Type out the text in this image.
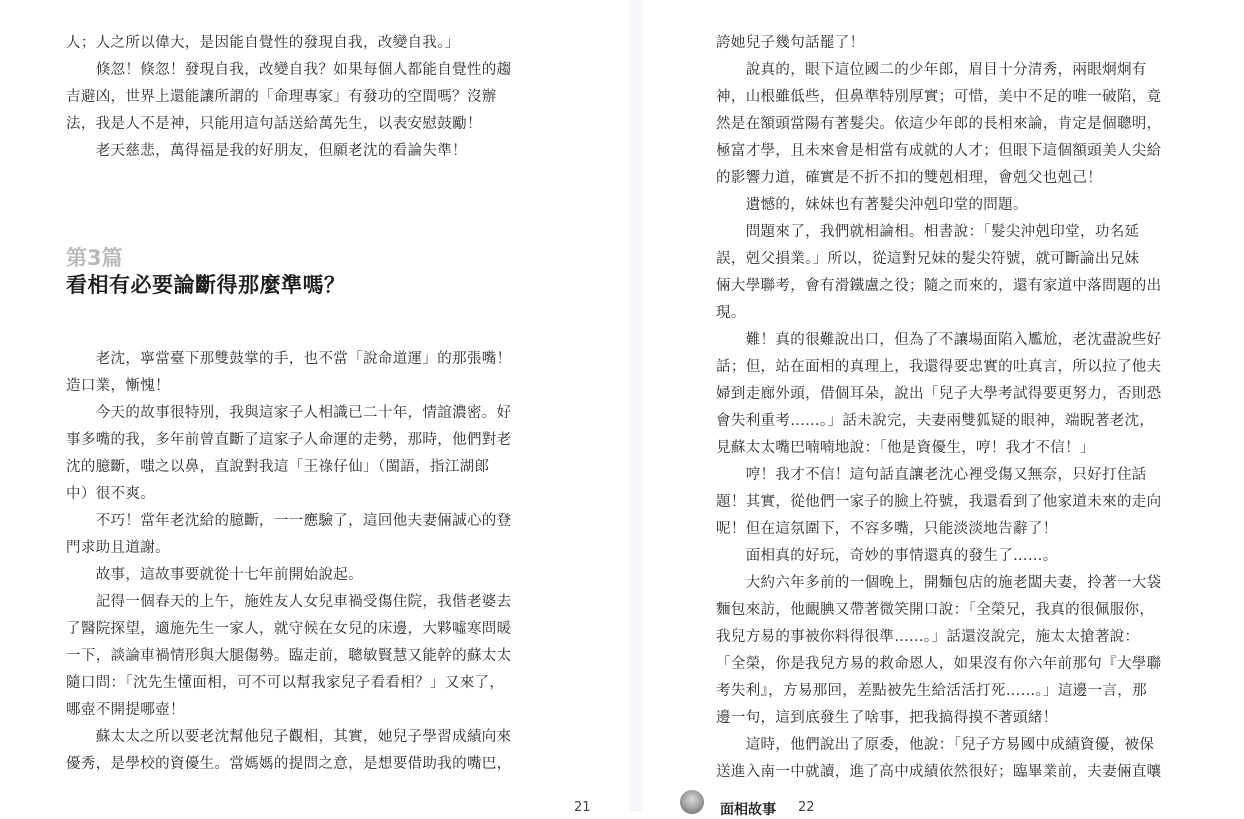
人；人之所以偉大，是因能自覺性的發現自我，改變自我。」
　　倏忽！倏忽！發現自我，改變自我？如果每個人都能自覺性的趨
吉避凶，世界上還能讓所謂的「命理專家」有發功的空間嗎？沒辦
法，我是人不是神，只能用這句話送給萬先生，以表安慰鼓勵！
　　老天慈悲，萬得福是我的好朋友，但願老沈的看論失準！
第3篇
看相有必要論斷得那麼準嗎？
　　老沈，寧當臺下那雙鼓掌的手，也不當「說命道運」的那張嘴！
造口業，慚愧！
　　今天的故事很特別，我與這家子人相識已二十年，情誼濃密。好
事多嘴的我，多年前曾直斷了這家子人命運的走勢，那時，他們對老
沈的臆斷，嗤之以鼻，直說對我這「王祿仔仙」（閩語，指江湖郎
中）很不爽。
　　不巧！當年老沈給的臆斷，一一應驗了，這回他夫妻倆誠心的登
門求助且道謝。
　　故事，這故事要就從十七年前開始說起。
　　記得一個春天的上午，施姓友人女兒車禍受傷住院，我偕老婆去
了醫院探望，適施先生一家人，就守候在女兒的床邊，大夥噓寒問暖
一下，談論車禍情形與大腿傷勢。臨走前，聰敏賢慧又能幹的蘇太太
隨口問：「沈先生懂面相，可不可以幫我家兒子看看相？」又來了，
哪壺不開提哪壺！
　　蘇太太之所以要老沈幫他兒子觀相，其實，她兒子學習成績向來
優秀，是學校的資優生。當媽媽的提問之意，是想要借助我的嘴巴，
21
誇她兒子幾句話罷了！
　　說真的，眼下這位國二的少年郎，眉目十分清秀，兩眼炯炯有
神，山根雖低些，但鼻準特別厚實；可惜，美中不足的唯一破陷，竟
然是在額頭當陽有著髮尖。依這少年郎的長相來論，肯定是個聰明，
極富才學，且未來會是相當有成就的人才；但眼下這個額頭美人尖給
的影響力道，確實是不折不扣的雙剋相理，會剋父也剋己！
　　遺憾的，妹妹也有著髮尖沖剋印堂的問題。
　　問題來了，我們就相論相。相書說：「髮尖沖剋印堂，功名延
誤，剋父損業。」所以，從這對兄妹的髮尖符號，就可斷論出兄妹
倆大學聯考，會有滑鐵盧之役；隨之而來的，還有家道中落問題的出
現。
　　難！真的很難說出口，但為了不讓場面陷入尷尬，老沈盡說些好
話；但，站在面相的真理上，我還得要忠實的吐真言，所以拉了他夫
婦到走廊外頭，借個耳朵，說出「兒子大學考試得要更努力，否則恐
會失利重考……。」話未說完，夫妻兩雙狐疑的眼神，端睨著老沈，
見蘇太太嘴巴喃喃地說：「他是資優生，哼！我才不信！」
　　哼！我才不信！這句話直讓老沈心裡受傷又無奈，只好打住話
題！其實，從他們一家子的臉上符號，我還看到了他家道未來的走向
呢！但在這氛圍下，不容多嘴，只能淡淡地告辭了！
　　面相真的好玩，奇妙的事情還真的發生了……。
　　大約六年多前的一個晚上，開麵包店的施老闆夫妻，拎著一大袋
麵包來訪，他靦腆又帶著微笑開口說：「全榮兄，我真的很佩服你，
我兒方易的事被你料得很準……。」話還沒說完，施太太搶著說：
「全榮，你是我兒方易的救命恩人，如果沒有你六年前那句『大學聯
考失利』，方易那回，差點被先生給活活打死……。」這邊一言，那
邊一句，這到底發生了啥事，把我搞得摸不著頭緒！
　　這時，他們說出了原委，他說：「兒子方易國中成績資優，被保
送進入南一中就讀，進了高中成績依然很好；臨畢業前，夫妻倆直嚷
面相故事 22
